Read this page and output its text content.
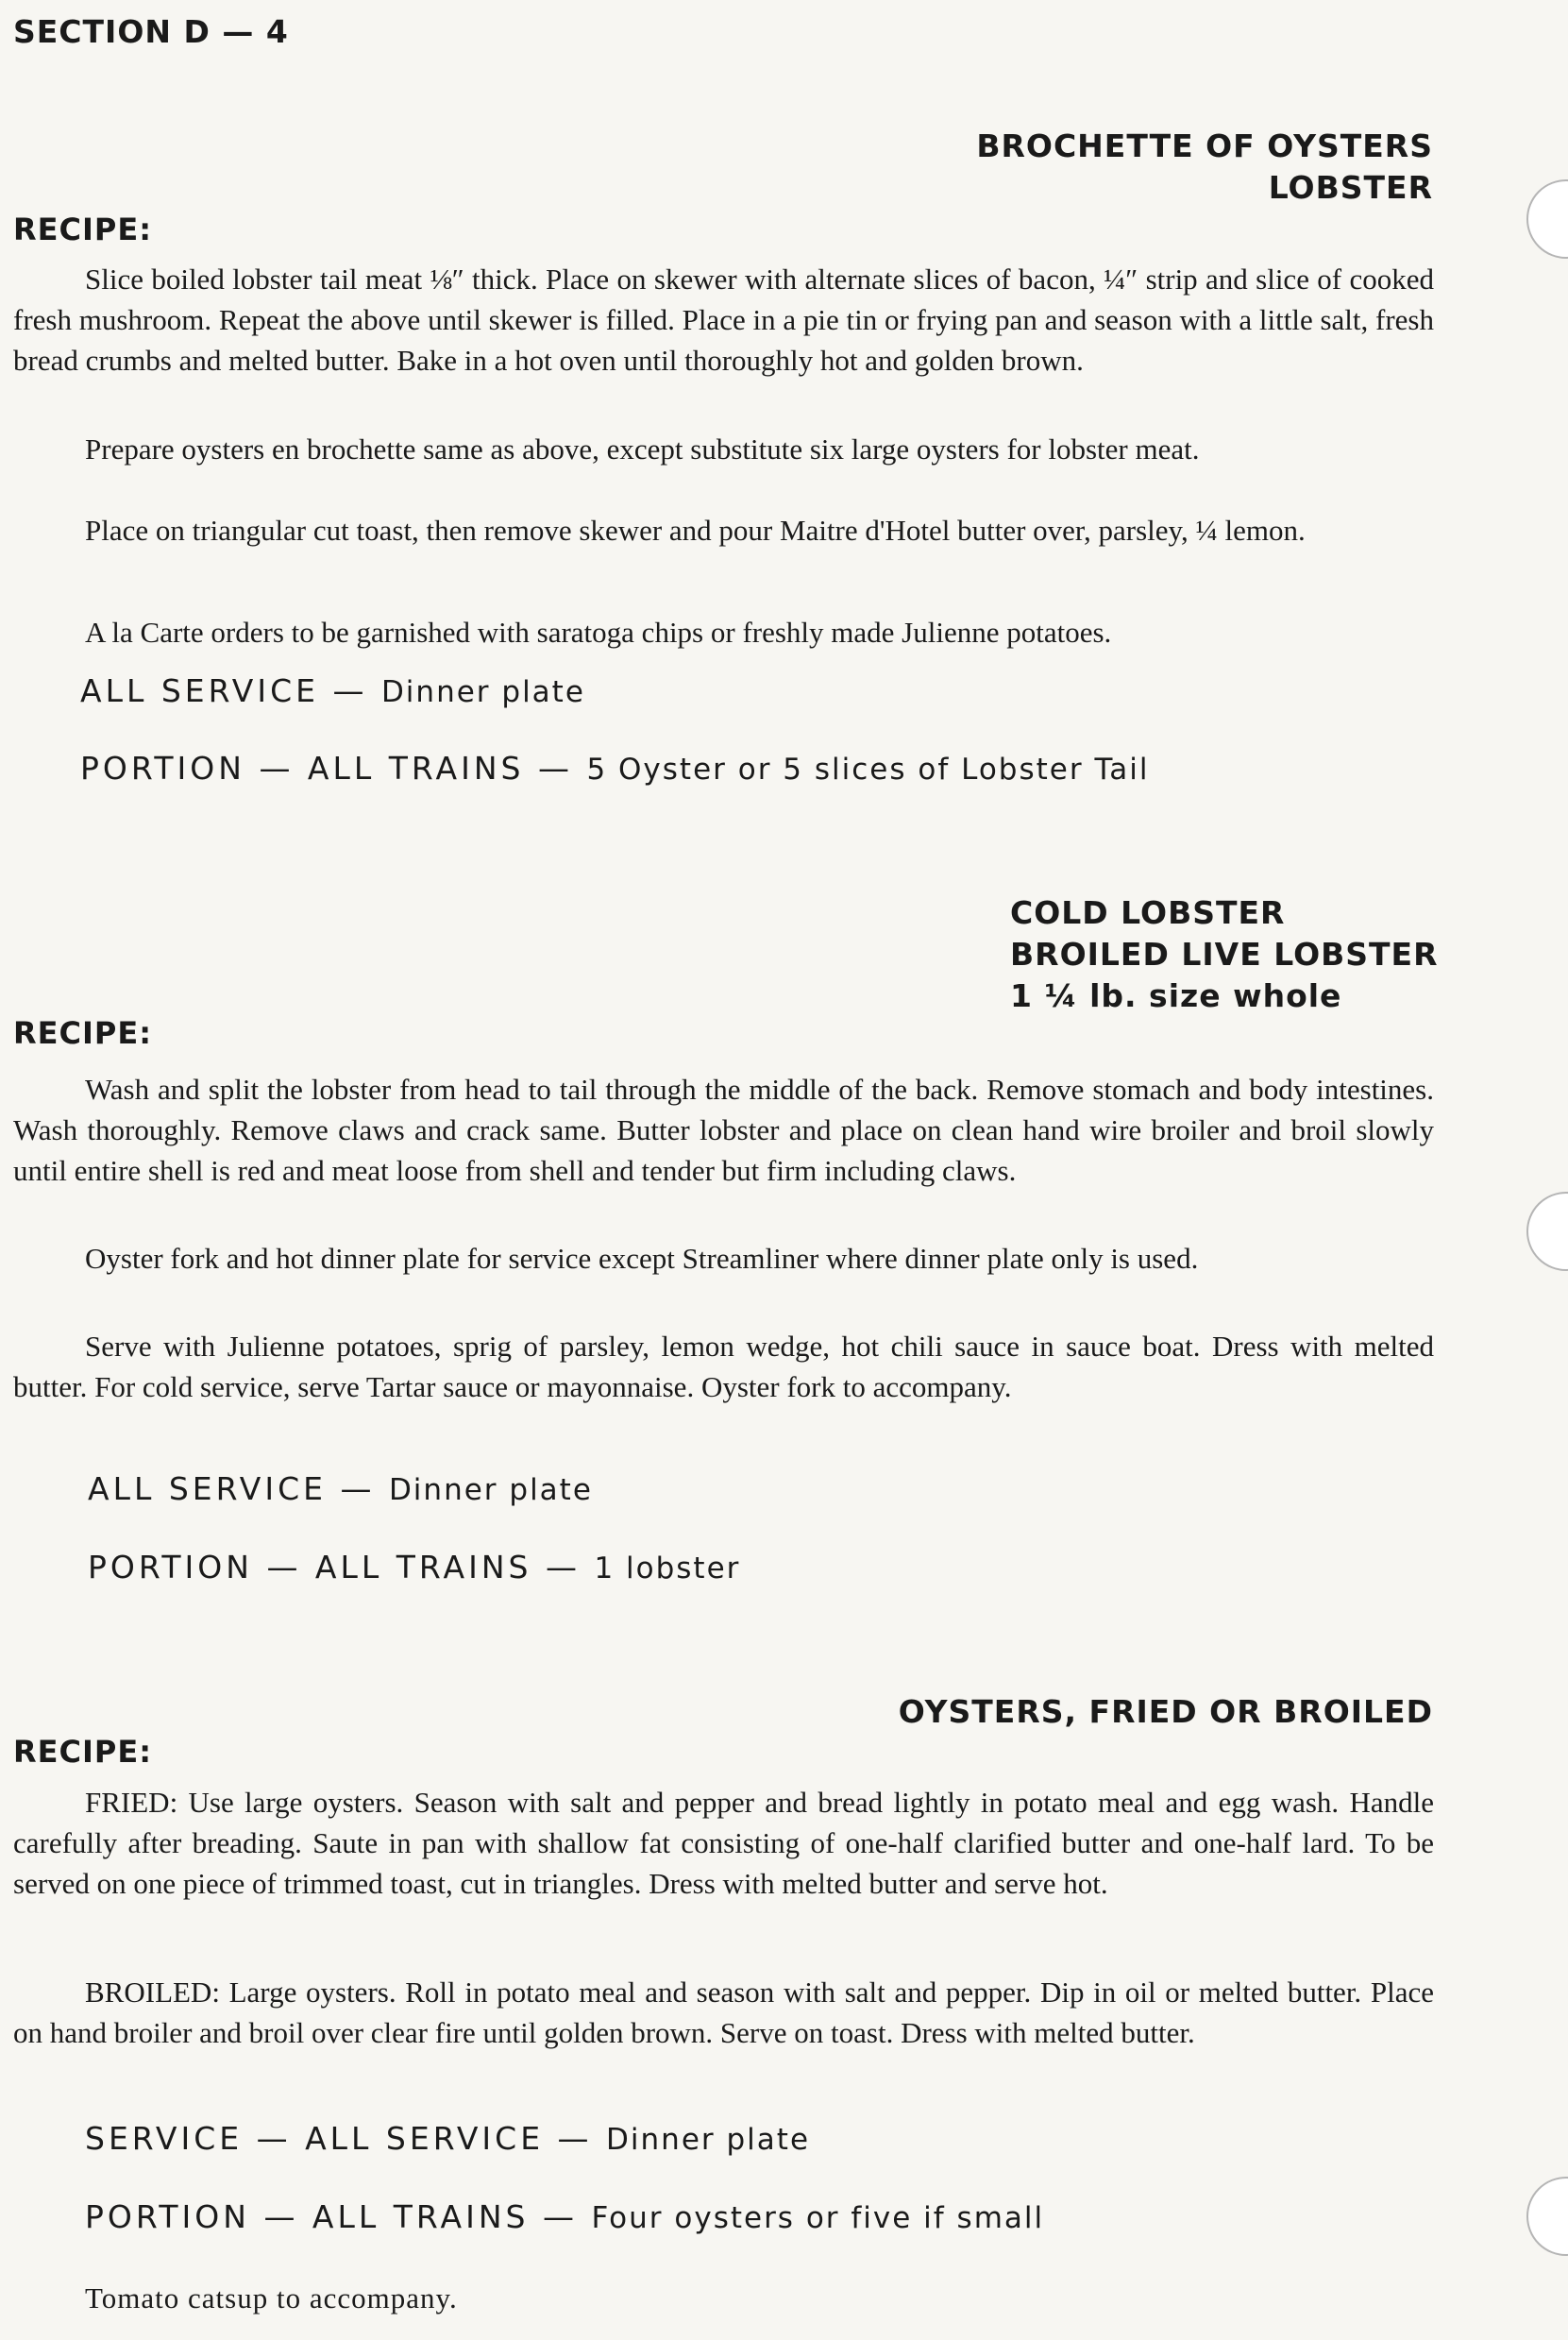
SECTION D — 4
BROCHETTE OF OYSTERS
LOBSTER
RECIPE:
Slice boiled lobster tail meat ⅛″ thick. Place on skewer with alternate slices of bacon, ¼″ strip and slice of cooked fresh mushroom. Repeat the above until skewer is filled. Place in a pie tin or frying pan and season with a little salt, fresh bread crumbs and melted butter. Bake in a hot oven until thoroughly hot and golden brown.
Prepare oysters en brochette same as above, except substitute six large oysters for lobster meat.
Place on triangular cut toast, then remove skewer and pour Maitre d'Hotel butter over, parsley, ¼ lemon.
A la Carte orders to be garnished with saratoga chips or freshly made Julienne potatoes.
ALL SERVICE — Dinner plate
PORTION — ALL TRAINS — 5 Oyster or 5 slices of Lobster Tail
COLD LOBSTER
BROILED LIVE LOBSTER
1 ¼ lb. size whole
RECIPE:
Wash and split the lobster from head to tail through the middle of the back. Remove stomach and body intestines. Wash thoroughly. Remove claws and crack same. Butter lobster and place on clean hand wire broiler and broil slowly until entire shell is red and meat loose from shell and tender but firm including claws.
Oyster fork and hot dinner plate for service except Streamliner where dinner plate only is used.
Serve with Julienne potatoes, sprig of parsley, lemon wedge, hot chili sauce in sauce boat. Dress with melted butter. For cold service, serve Tartar sauce or mayonnaise. Oyster fork to accompany.
ALL SERVICE — Dinner plate
PORTION — ALL TRAINS — 1 lobster
OYSTERS, FRIED OR BROILED
RECIPE:
FRIED: Use large oysters. Season with salt and pepper and bread lightly in potato meal and egg wash. Handle carefully after breading. Saute in pan with shallow fat consisting of one-half clarified butter and one-half lard. To be served on one piece of trimmed toast, cut in triangles. Dress with melted butter and serve hot.
BROILED: Large oysters. Roll in potato meal and season with salt and pepper. Dip in oil or melted butter. Place on hand broiler and broil over clear fire until golden brown. Serve on toast. Dress with melted butter.
SERVICE — ALL SERVICE — Dinner plate
PORTION — ALL TRAINS — Four oysters or five if small
Tomato catsup to accompany.
